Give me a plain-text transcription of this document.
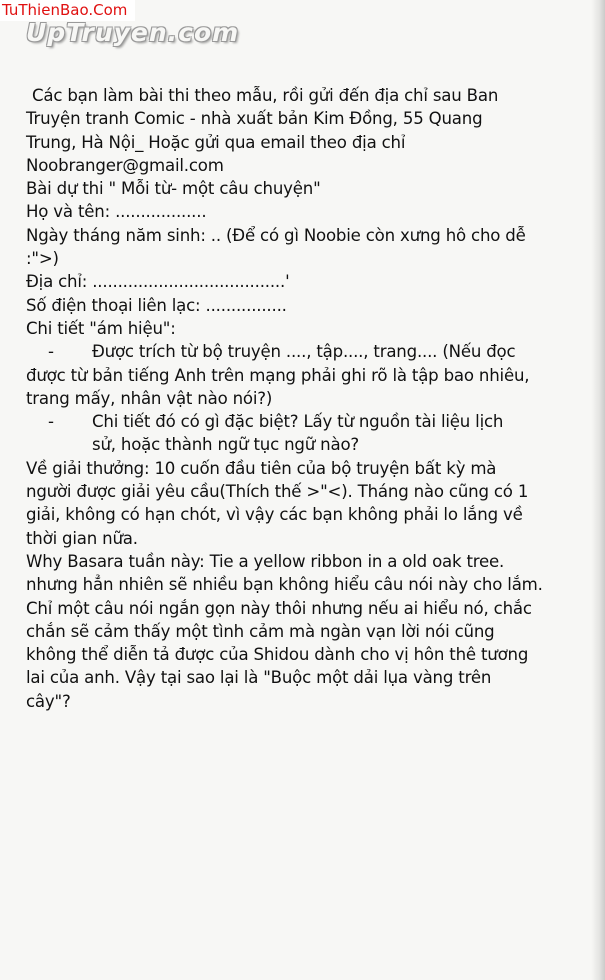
TuThienBao.Com
UpTruyen.com
Các bạn làm bài thi theo mẫu, rồi gửi đến địa chỉ sau Ban
Truyện tranh Comic - nhà xuất bản Kim Đồng, 55 Quang
Trung, Hà Nội_ Hoặc gửi qua email theo địa chỉ
Noobranger@gmail.com
Bài dự thi " Mỗi từ- một câu chuyện"
Họ và tên: ..................
Ngày tháng năm sinh: .. (Để có gì Noobie còn xưng hô cho dễ
:">)
Địa chỉ: ......................................'
Số điện thoại liên lạc: ................
Chi tiết "ám hiệu":
-	Được trích từ bộ truyện ...., tập...., trang.... (Nếu đọc
được từ bản tiếng Anh trên mạng phải ghi rõ là tập bao nhiêu,
trang mấy, nhân vật nào nói?)
-	Chi tiết đó có gì đặc biệt? Lấy từ nguồn tài liệu lịch
sử, hoặc thành ngữ tục ngữ nào?
Về giải thưởng: 10 cuốn đầu tiên của bộ truyện bất kỳ mà
người được giải yêu cầu(Thích thế >"<). Tháng nào cũng có 1
giải, không có hạn chót, vì vậy các bạn không phải lo lắng về
thời gian nữa.
Why Basara tuần này: Tie a yellow ribbon in a old oak tree.
nhưng hẳn nhiên sẽ nhiều bạn không hiểu câu nói này cho lắm.
Chỉ một câu nói ngắn gọn này thôi nhưng nếu ai hiểu nó, chắc
chắn sẽ cảm thấy một tình cảm mà ngàn vạn lời nói cũng
không thể diễn tả được của Shidou dành cho vị hôn thê tương
lai của anh. Vậy tại sao lại là "Buộc một dải lụa vàng trên
cây"?
